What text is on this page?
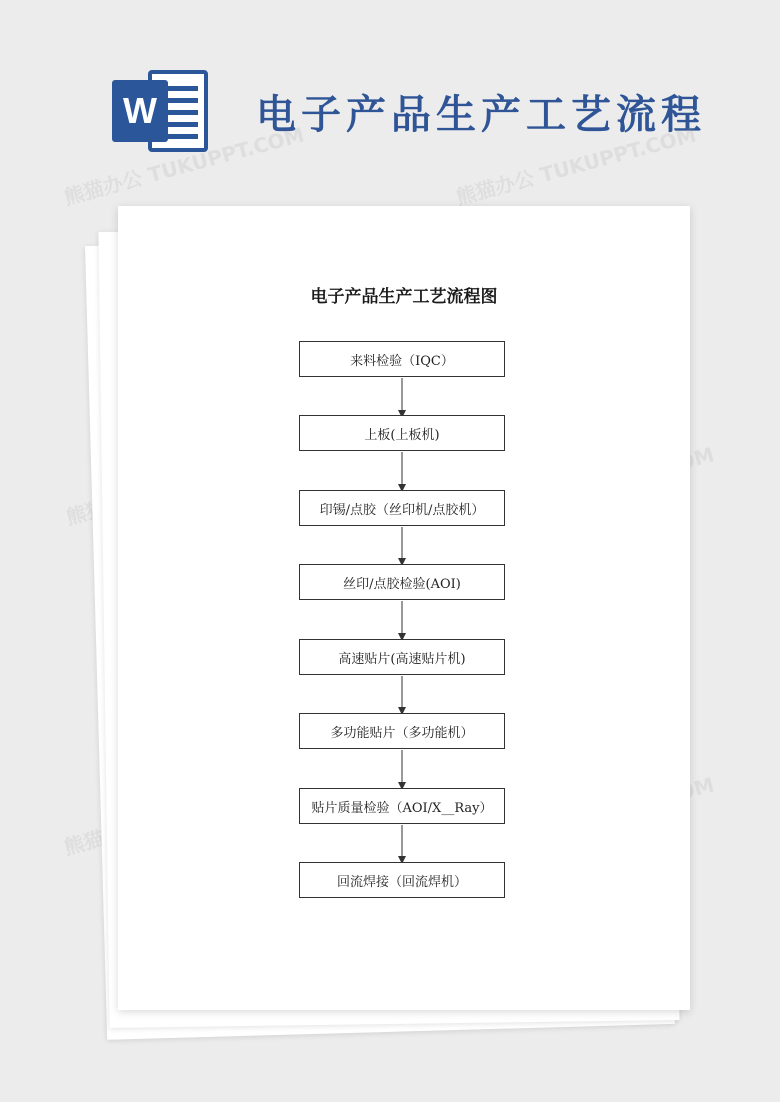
W 电子产品生产工艺流程
熊猫办公 TUKUPPT.COM	熊猫办公 TUKUPPT.COM
电子产品生产工艺流程图
来料检验（IQC）
上板(上板机)
印锡/点胶（丝印机/点胶机）
丝印/点胶检验(AOI)
高速贴片(高速贴片机)
多功能贴片（多功能机）
贴片质量检验（AOI/X__Ray）
回流焊接（回流焊机）
